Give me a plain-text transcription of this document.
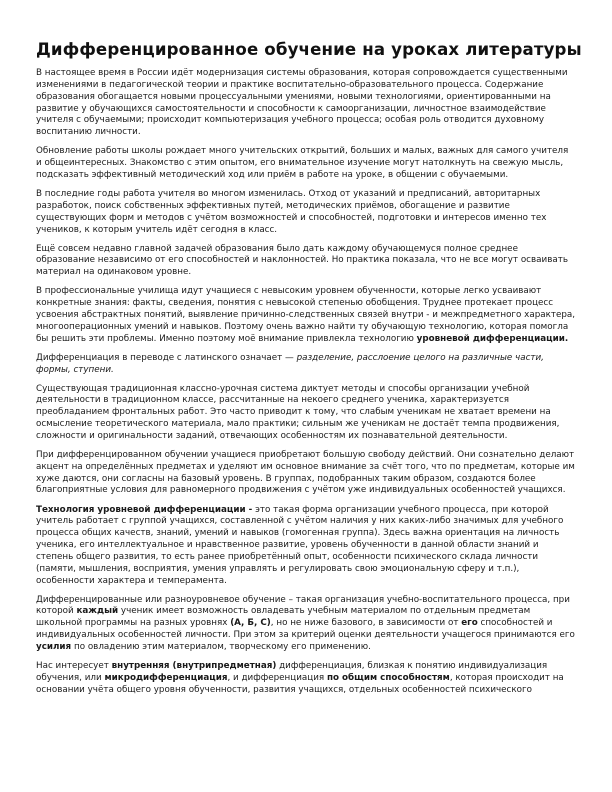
Дифференцированное обучение на уроках литературы

В настоящее время в России идёт модернизация системы образования, которая сопровождается существенными изменениями в педагогической теории и практике воспитательно-образовательного процесса. Содержание образования обогащается новыми процессуальными умениями, новыми технологиями, ориентированными на развитие у обучающихся самостоятельности и способности к самоорганизации, личностное взаимодействие учителя с обучаемыми; происходит компьютеризация учебного процесса; особая роль отводится духовному воспитанию личности.

Обновление работы школы рождает много учительских открытий, больших и малых, важных для самого учителя и общеинтересных. Знакомство с этим опытом, его внимательное изучение могут натолкнуть на свежую мысль, подсказать эффективный методический ход или приём в работе на уроке, в общении с обучаемыми.

В последние годы работа учителя во многом изменилась. Отход от указаний и предписаний, авторитарных разработок, поиск собственных эффективных путей, методических приёмов, обогащение и развитие существующих форм и методов с учётом возможностей и способностей, подготовки и интересов именно тех учеников, к которым учитель идёт сегодня в класс.

Ещё совсем недавно главной задачей образования было дать каждому обучающемуся полное среднее образование независимо от его способностей и наклонностей. Но практика показала, что не все могут осваивать материал на одинаковом уровне.

В профессиональные училища идут учащиеся с невысоким уровнем обученности, которые легко усваивают конкретные знания: факты, сведения, понятия с невысокой степенью обобщения. Труднее протекает процесс усвоения абстрактных понятий, выявление причинно-следственных связей внутри - и межпредметного характера, многооперационных умений и навыков. Поэтому очень важно найти ту обучающую технологию, которая помогла бы решить эти проблемы. Именно поэтому моё внимание привлекла технологию уровневой дифференциации.

Дифференциация в переводе с латинского означает — разделение, расслоение целого на различные части, формы, ступени.

Существующая традиционная классно-урочная система диктует методы и способы организации учебной деятельности в традиционном классе, рассчитанные на некоего среднего ученика, характеризуется преобладанием фронтальных работ. Это часто приводит к тому, что слабым ученикам не хватает времени на осмысление теоретического материала, мало практики; сильным же ученикам не достаёт темпа продвижения, сложности и оригинальности заданий, отвечающих особенностям их познавательной деятельности.

При дифференцированном обучении учащиеся приобретают большую свободу действий. Они сознательно делают акцент на определённых предметах и уделяют им основное внимание за счёт того, что по предметам, которые им хуже даются, они согласны на базовый уровень. В группах, подобранных таким образом, создаются более благоприятные условия для равномерного продвижения с учётом уже индивидуальных особенностей учащихся.

Технология уровневой дифференциации - это такая форма организации учебного процесса, при которой учитель работает с группой учащихся, составленной с учётом наличия у них каких-либо значимых для учебного процесса общих качеств, знаний, умений и навыков (гомогенная группа). Здесь важна ориентация на личность ученика, его интеллектуальное и нравственное развитие, уровень обученности в данной области знаний и степень общего развития, то есть ранее приобретённый опыт, особенности психического склада личности (памяти, мышления, восприятия, умения управлять и регулировать свою эмоциональную сферу и т.п.), особенности характера и темперамента.

Дифференцированные или разноуровневое обучение – такая организация учебно-воспитательного процесса, при которой каждый ученик имеет возможность овладевать учебным материалом по отдельным предметам школьной программы на разных уровнях (А, Б, С), но не ниже базового, в зависимости от его способностей и индивидуальных особенностей личности. При этом за критерий оценки деятельности учащегося принимаются его усилия по овладению этим материалом, творческому его применению.

Нас интересует внутренняя (внутрипредметная) дифференциация, близкая к понятию индивидуализация обучения, или микродифференциация, и дифференциация по общим способностям, которая происходит на основании учёта общего уровня обученности, развития учащихся, отдельных особенностей психического
